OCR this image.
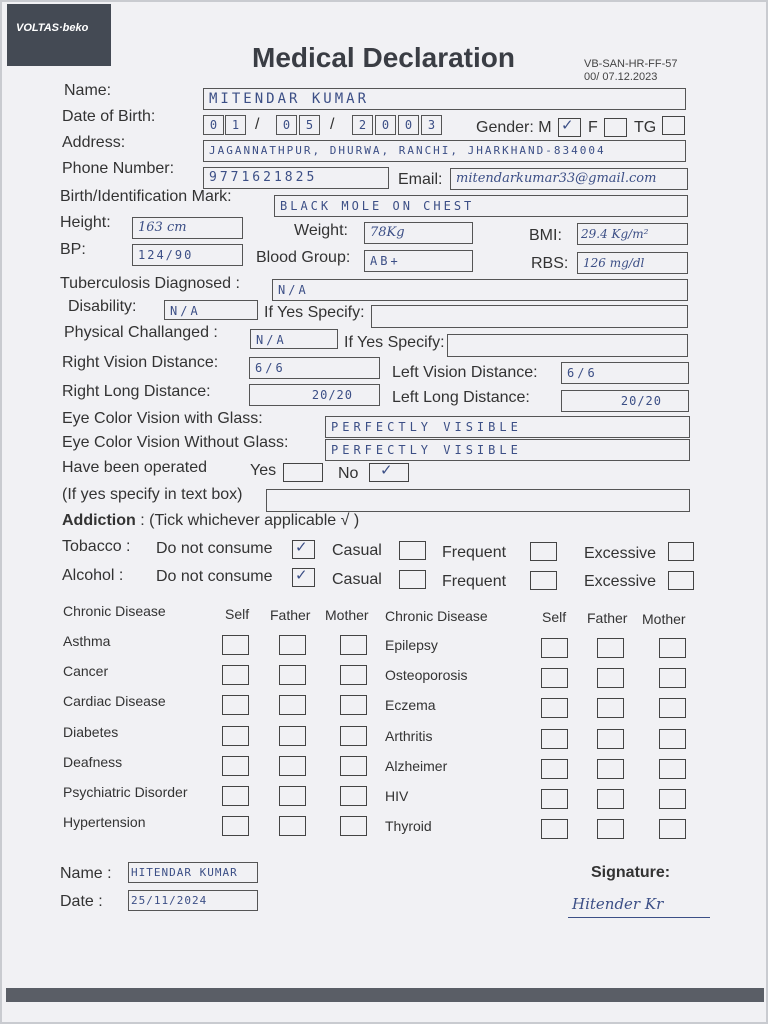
VOLTAS·beko
Medical Declaration	VB-SAN-HR-FF-57
00/ 07.12.2023
Name:	MITENDAR KUMAR
Date of Birth:	0	1 /	0	5	/	2	0	0	3	Gender: M ✓ F TG
Address:	JAGANNATHPUR, DHURWA, RANCHI, JHARKHAND-834004
Phone Number:
9771621825	Email:	mitendarkumar33@gmail.com
Birth/Identification Mark:
BLACK MOLE ON CHEST
Height:	163 cm	Weight:	78Kg	BMI:	29.4 Kg/m²
BP:	124/90	Blood Group:	AB+	RBS:	126 mg/dl
Tuberculosis Diagnosed :	N/A
Disability:	N/A	If Yes Specify:
Physical Challanged :	N/A	If Yes Specify:
Right Vision Distance:	6/6	Left Vision Distance:	6/6
Right Long Distance:	20/20	Left Long Distance:	20/20
Eye Color Vision with Glass:	PERFECTLY VISIBLE
Eye Color Vision Without Glass:	PERFECTLY VISIBLE
Have been operated	Yes	No ✓
(If yes specify in text box)
Addiction : (Tick whichever applicable √ )
Tobacco : Do not consume ✓ Casual	Frequent	Excessive
Alcohol : Do not consume ✓ Casual	Frequent	Excessive
Chronic Disease	Self Father Mother Chronic Disease	Self Father Mother
Asthma	Epilepsy
Cancer	Osteoporosis
Cardiac Disease	Eczema
Diabetes	Arthritis
Deafness	Alzheimer
Psychiatric Disorder	HIV
Hypertension	Thyroid
Name : HITENDAR KUMAR
Date :	25/11/2024
Signature:
Hitender Kr
